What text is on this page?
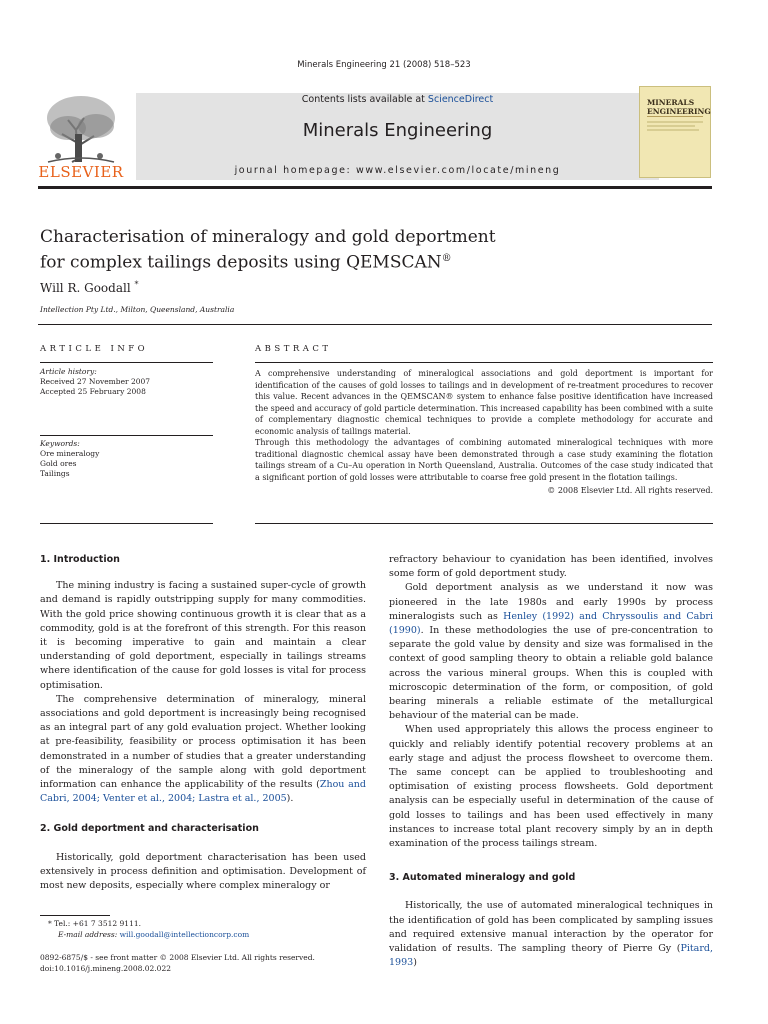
Minerals Engineering 21 (2008) 518–523
ELSEVIER
Contents lists available at ScienceDirect
Minerals Engineering
journal homepage: www.elsevier.com/locate/mineng
MINERALS ENGINEERING
Characterisation of mineralogy and gold deportment
for complex tailings deposits using QEMSCAN®
Will R. Goodall *
Intellection Pty Ltd., Milton, Queensland, Australia
ARTICLE INFO
Article history:
Received 27 November 2007
Accepted 25 February 2008
Keywords:
Ore mineralogy
Gold ores
Tailings
ABSTRACT

A comprehensive understanding of mineralogical associations and gold deportment is important for identification of the causes of gold losses to tailings and in development of re-treatment procedures to recover this value. Recent advances in the QEMSCAN® system to enhance false positive identification have increased the speed and accuracy of gold particle determination. This increased capability has been combined with a suite of complementary diagnostic chemical techniques to provide a complete methodology for accurate and economic analysis of tailings material.

Through this methodology the advantages of combining automated mineralogical techniques with more traditional diagnostic chemical assay have been demonstrated through a case study examining the flotation tailings stream of a Cu–Au operation in North Queensland, Australia. Outcomes of the case study indicated that a significant portion of gold losses were attributable to coarse free gold present in the flotation tailings.

© 2008 Elsevier Ltd. All rights reserved.
1. Introduction

The mining industry is facing a sustained super-cycle of growth and demand is rapidly outstripping supply for many commodities. With the gold price showing continuous growth it is clear that as a commodity, gold is at the forefront of this strength. For this reason it is becoming imperative to gain and maintain a clear understanding of gold deportment, especially in tailings streams where identification of the cause for gold losses is vital for process optimisation.

The comprehensive determination of mineralogy, mineral associations and gold deportment is increasingly being recognised as an integral part of any gold evaluation project. Whether looking at pre-feasibility, feasibility or process optimisation it has been demonstrated in a number of studies that a greater understanding of the mineralogy of the sample along with gold deportment information can enhance the applicability of the results (Zhou and Cabri, 2004; Venter et al., 2004; Lastra et al., 2005).

2. Gold deportment and characterisation

Historically, gold deportment characterisation has been used extensively in process definition and optimisation. Development of most new deposits, especially where complex mineralogy or

* Tel.: +61 7 3512 9111.
E-mail address: will.goodall@intellectioncorp.com
0892-6875/$ - see front matter © 2008 Elsevier Ltd. All rights reserved.
doi:10.1016/j.mineng.2008.02.022

refractory behaviour to cyanidation has been identified, involves some form of gold deportment study.

Gold deportment analysis as we understand it now was pioneered in the late 1980s and early 1990s by process mineralogists such as Henley (1992) and Chryssoulis and Cabri (1990). In these methodologies the use of pre-concentration to separate the gold value by density and size was formalised in the context of good sampling theory to obtain a reliable gold balance across the various mineral groups. When this is coupled with microscopic determination of the form, or composition, of gold bearing minerals a reliable estimate of the metallurgical behaviour of the material can be made.

When used appropriately this allows the process engineer to quickly and reliably identify potential recovery problems at an early stage and adjust the process flowsheet to overcome them. The same concept can be applied to troubleshooting and optimisation of existing process flowsheets. Gold deportment analysis can be especially useful in determination of the cause of gold losses to tailings and has been used effectively in many instances to increase total plant recovery simply by an in depth examination of the process tailings stream.

3. Automated mineralogy and gold

Historically, the use of automated mineralogical techniques in the identification of gold has been complicated by sampling issues and required extensive manual interaction by the operator for validation of results. The sampling theory of Pierre Gy (Pitard, 1993)
